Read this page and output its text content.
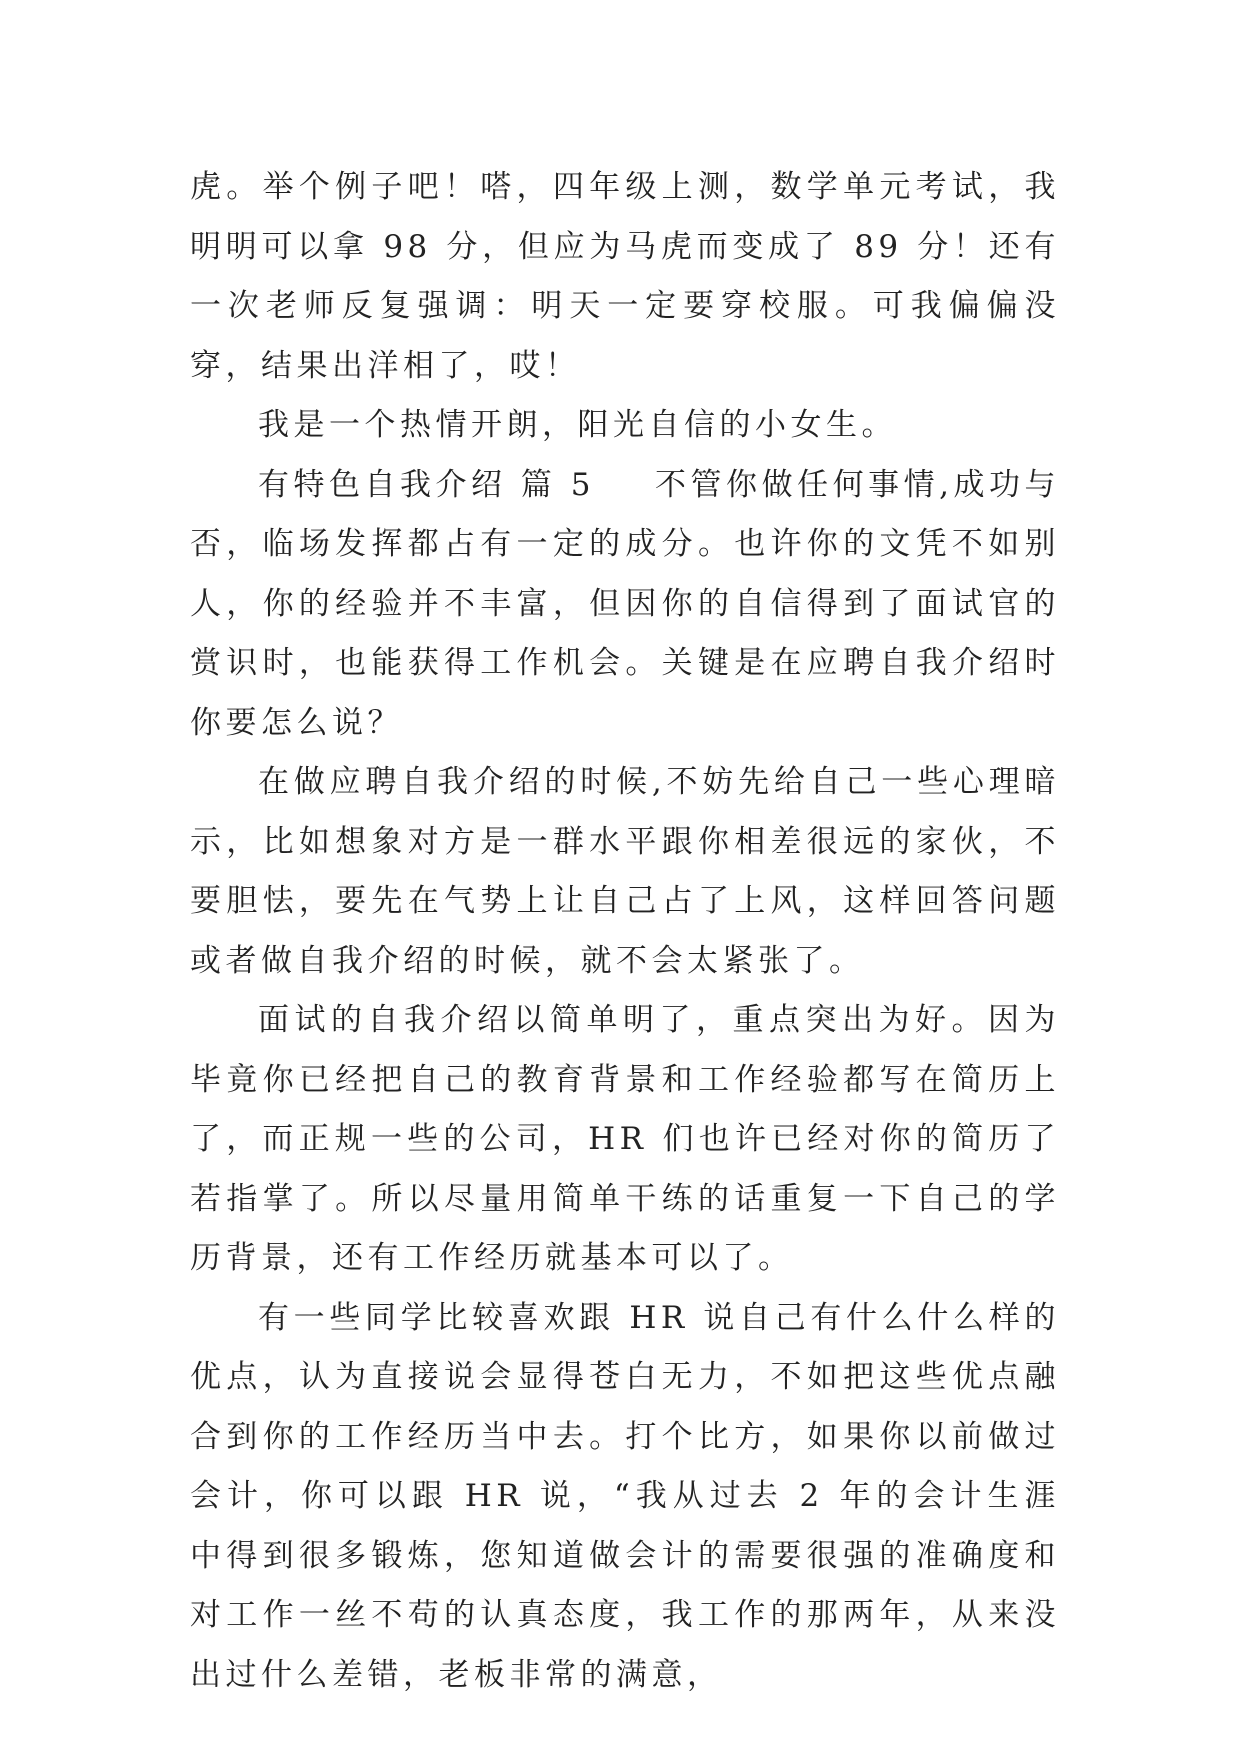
虎。举个例子吧！嗒，四年级上测，数学单元考试，我明明可以拿 98 分，但应为马虎而变成了 89 分！还有一次老师反复强调：明天一定要穿校服。可我偏偏没穿，结果出洋相了，哎！

我是一个热情开朗，阳光自信的小女生。

有特色自我介绍 篇 5 不管你做任何事情,成功与否，临场发挥都占有一定的成分。也许你的文凭不如别人，你的经验并不丰富，但因你的自信得到了面试官的赏识时，也能获得工作机会。关键是在应聘自我介绍时你要怎么说？

在做应聘自我介绍的时候,不妨先给自己一些心理暗示，比如想象对方是一群水平跟你相差很远的家伙，不要胆怯，要先在气势上让自己占了上风，这样回答问题或者做自我介绍的时候，就不会太紧张了。

面试的自我介绍以简单明了，重点突出为好。因为毕竟你已经把自己的教育背景和工作经验都写在简历上了，而正规一些的公司，HR 们也许已经对你的简历了若指掌了。所以尽量用简单干练的话重复一下自己的学历背景，还有工作经历就基本可以了。

有一些同学比较喜欢跟 HR 说自己有什么什么样的优点，认为直接说会显得苍白无力，不如把这些优点融合到你的工作经历当中去。打个比方，如果你以前做过会计，你可以跟 HR 说，“我从过去 2 年的会计生涯中得到很多锻炼，您知道做会计的需要很强的准确度和对工作一丝不苟的认真态度，我工作的那两年，从来没出过什么差错，老板非常的满意，
